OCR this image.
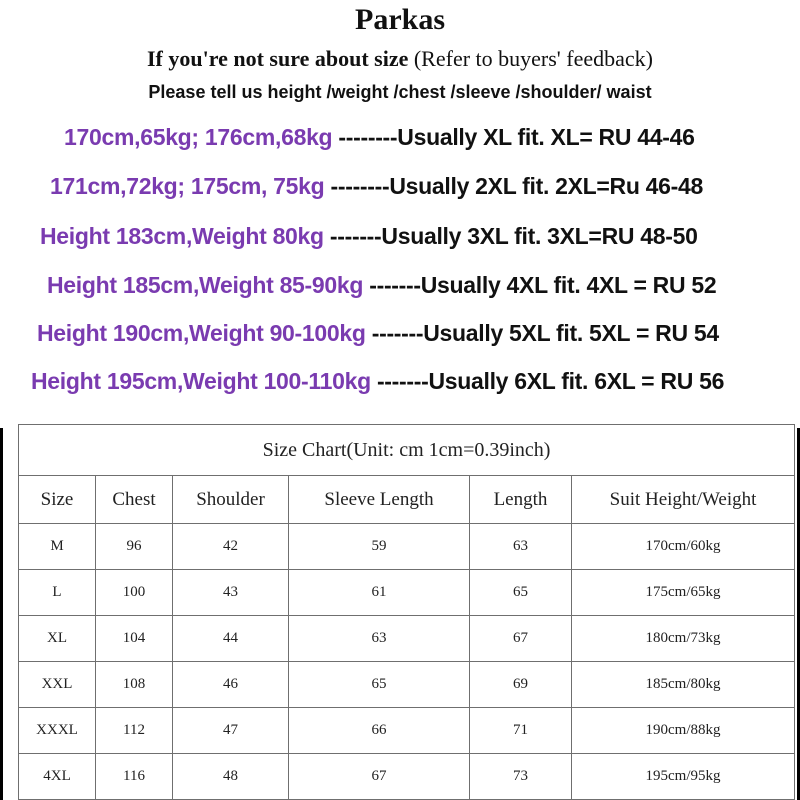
Parkas
If you're not sure about size (Refer to buyers' feedback)
Please tell us height /weight /chest /sleeve /shoulder/ waist
170cm,65kg; 176cm,68kg --------Usually XL fit. XL= RU 44-46
171cm,72kg; 175cm, 75kg --------Usually 2XL fit. 2XL=Ru 46-48
Height 183cm,Weight 80kg -------Usually 3XL fit. 3XL=RU 48-50
Height 185cm,Weight 85-90kg -------Usually 4XL fit. 4XL = RU 52
Height 190cm,Weight 90-100kg -------Usually 5XL fit. 5XL = RU 54
Height 195cm,Weight 100-110kg -------Usually 6XL fit. 6XL = RU 56
Size Chart(Unit: cm 1cm=0.39inch)					
Size	Chest	Shoulder	Sleeve Length	Length	Suit Height/Weight
M	96	42	59	63	170cm/60kg
L	100	43	61	65	175cm/65kg
XL	104	44	63	67	180cm/73kg
XXL	108	46	65	69	185cm/80kg
XXXL	112	47	66	71	190cm/88kg
4XL	116	48	67	73	195cm/95kg
